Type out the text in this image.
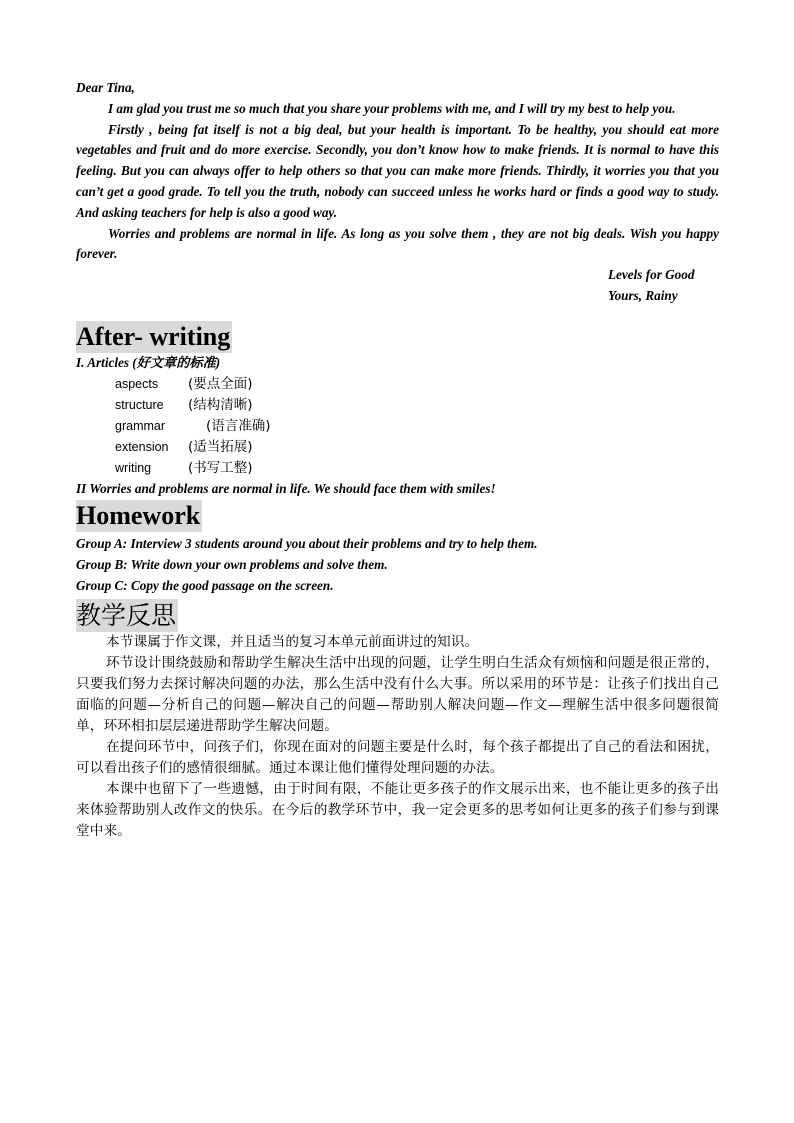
Dear Tina,

I am glad you trust me so much that you share your problems with me, and I will try my best to help you.

Firstly , being fat itself is not a big deal, but your health is important. To be healthy, you should eat more vegetables and fruit and do more exercise. Secondly, you don’t know how to make friends. It is normal to have this feeling. But you can always offer to help others so that you can make more friends. Thirdly, it worries you that you can’t get a good grade. To tell you the truth, nobody can succeed unless he works hard or finds a good way to study. And asking teachers for help is also a good way.

Worries and problems are normal in life. As long as you solve them , they are not big deals. Wish you happy forever.

Levels for Good

Yours, Rainy

After- writing

I. Articles (好文章的标准)

aspects	(要点全面)
structure	(结构清晰)
grammar	(语言准确)
extension	(适当拓展)
writing	(书写工整)

II Worries and problems are normal in life. We should face them with smiles!

Homework

Group A: Interview 3 students around you about their problems and try to help them.

Group B: Write down your own problems and solve them.

Group C: Copy the good passage on the screen.

教学反思

本节课属于作文课，并且适当的复习本单元前面讲过的知识。

环节设计围绕鼓励和帮助学生解决生活中出现的问题，让学生明白生活众有烦恼和问题是很正常的，只要我们努力去探讨解决问题的办法，那么生活中没有什么大事。所以采用的环节是：让孩子们找出自己面临的问题—分析自己的问题—解决自己的问题—帮助别人解决问题—作文—理解生活中很多问题很简单，环环相扣层层递进帮助学生解决问题。

在提问环节中，问孩子们，你现在面对的问题主要是什么时，每个孩子都提出了自己的看法和困扰，可以看出孩子们的感情很细腻。通过本课让他们懂得处理问题的办法。

本课中也留下了一些遗憾，由于时间有限，不能让更多孩子的作文展示出来，也不能让更多的孩子出来体验帮助别人改作文的快乐。在今后的教学环节中，我一定会更多的思考如何让更多的孩子们参与到课堂中来。
